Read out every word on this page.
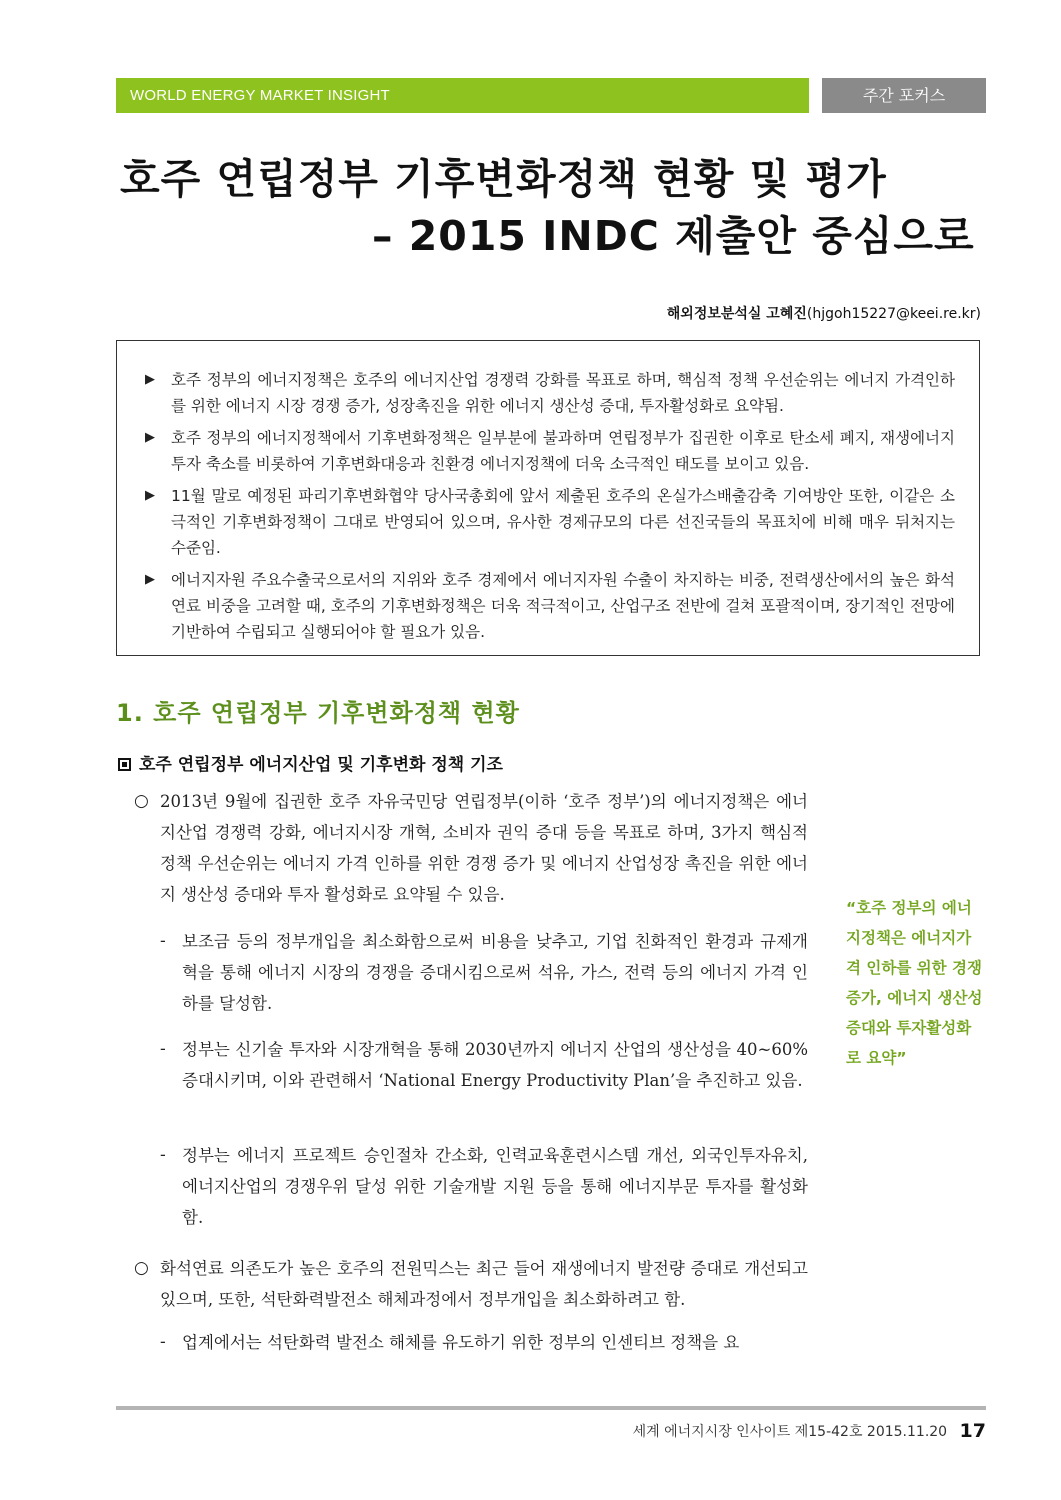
WORLD ENERGY MARKET INSIGHT	주간 포커스
호주 연립정부 기후변화정책 현황 및 평가
– 2015 INDC 제출안 중심으로
해외정보분석실 고혜진(hjgoh15227@keei.re.kr)
▶ 호주 정부의 에너지정책은 호주의 에너지산업 경쟁력 강화를 목표로 하며, 핵심적 정책 우선순위는 에너지 가격인하를 위한 에너지 시장 경쟁 증가, 성장촉진을 위한 에너지 생산성 증대, 투자활성화로 요약됨.
▶ 호주 정부의 에너지정책에서 기후변화정책은 일부분에 불과하며 연립정부가 집권한 이후로 탄소세 폐지, 재생에너지 투자 축소를 비롯하여 기후변화대응과 친환경 에너지정책에 더욱 소극적인 태도를 보이고 있음.
▶ 11월 말로 예정된 파리기후변화협약 당사국총회에 앞서 제출된 호주의 온실가스배출감축 기여방안 또한, 이같은 소극적인 기후변화정책이 그대로 반영되어 있으며, 유사한 경제규모의 다른 선진국들의 목표치에 비해 매우 뒤처지는 수준임.
▶ 에너지자원 주요수출국으로서의 지위와 호주 경제에서 에너지자원 수출이 차지하는 비중, 전력생산에서의 높은 화석연료 비중을 고려할 때, 호주의 기후변화정책은 더욱 적극적이고, 산업구조 전반에 걸쳐 포괄적이며, 장기적인 전망에 기반하여 수립되고 실행되어야 할 필요가 있음.
1. 호주 연립정부 기후변화정책 현황
호주 연립정부 에너지산업 및 기후변화 정책 기조
○ 2013년 9월에 집권한 호주 자유국민당 연립정부(이하 ‘호주 정부’)의 에너지정책은 에너지산업 경쟁력 강화, 에너지시장 개혁, 소비자 권익 증대 등을 목표로 하며, 3가지 핵심적 정책 우선순위는 에너지 가격 인하를 위한 경쟁 증가 및 에너지 산업성장 촉진을 위한 에너지 생산성 증대와 투자 활성화로 요약될 수 있음.
- 보조금 등의 정부개입을 최소화함으로써 비용을 낮추고, 기업 친화적인 환경과 규제개혁을 통해 에너지 시장의 경쟁을 증대시킴으로써 석유, 가스, 전력 등의 에너지 가격 인하를 달성함.
- 정부는 신기술 투자와 시장개혁을 통해 2030년까지 에너지 산업의 생산성을 40~60% 증대시키며, 이와 관련해서 ‘National Energy Productivity Plan’을 추진하고 있음.
- 정부는 에너지 프로젝트 승인절차 간소화, 인력교육훈련시스템 개선, 외국인투자유치, 에너지산업의 경쟁우위 달성 위한 기술개발 지원 등을 통해 에너지부문 투자를 활성화함.
○ 화석연료 의존도가 높은 호주의 전원믹스는 최근 들어 재생에너지 발전량 증대로 개선되고 있으며, 또한, 석탄화력발전소 해체과정에서 정부개입을 최소화하려고 함.
- 업계에서는 석탄화력 발전소 해체를 유도하기 위한 정부의 인센티브 정책을 요
“호주 정부의 에너지정책은 에너지가격 인하를 위한 경쟁증가, 에너지 생산성 증대와 투자활성화로 요약”
세계 에너지시장 인사이트 제15-42호 2015.11.20 17
